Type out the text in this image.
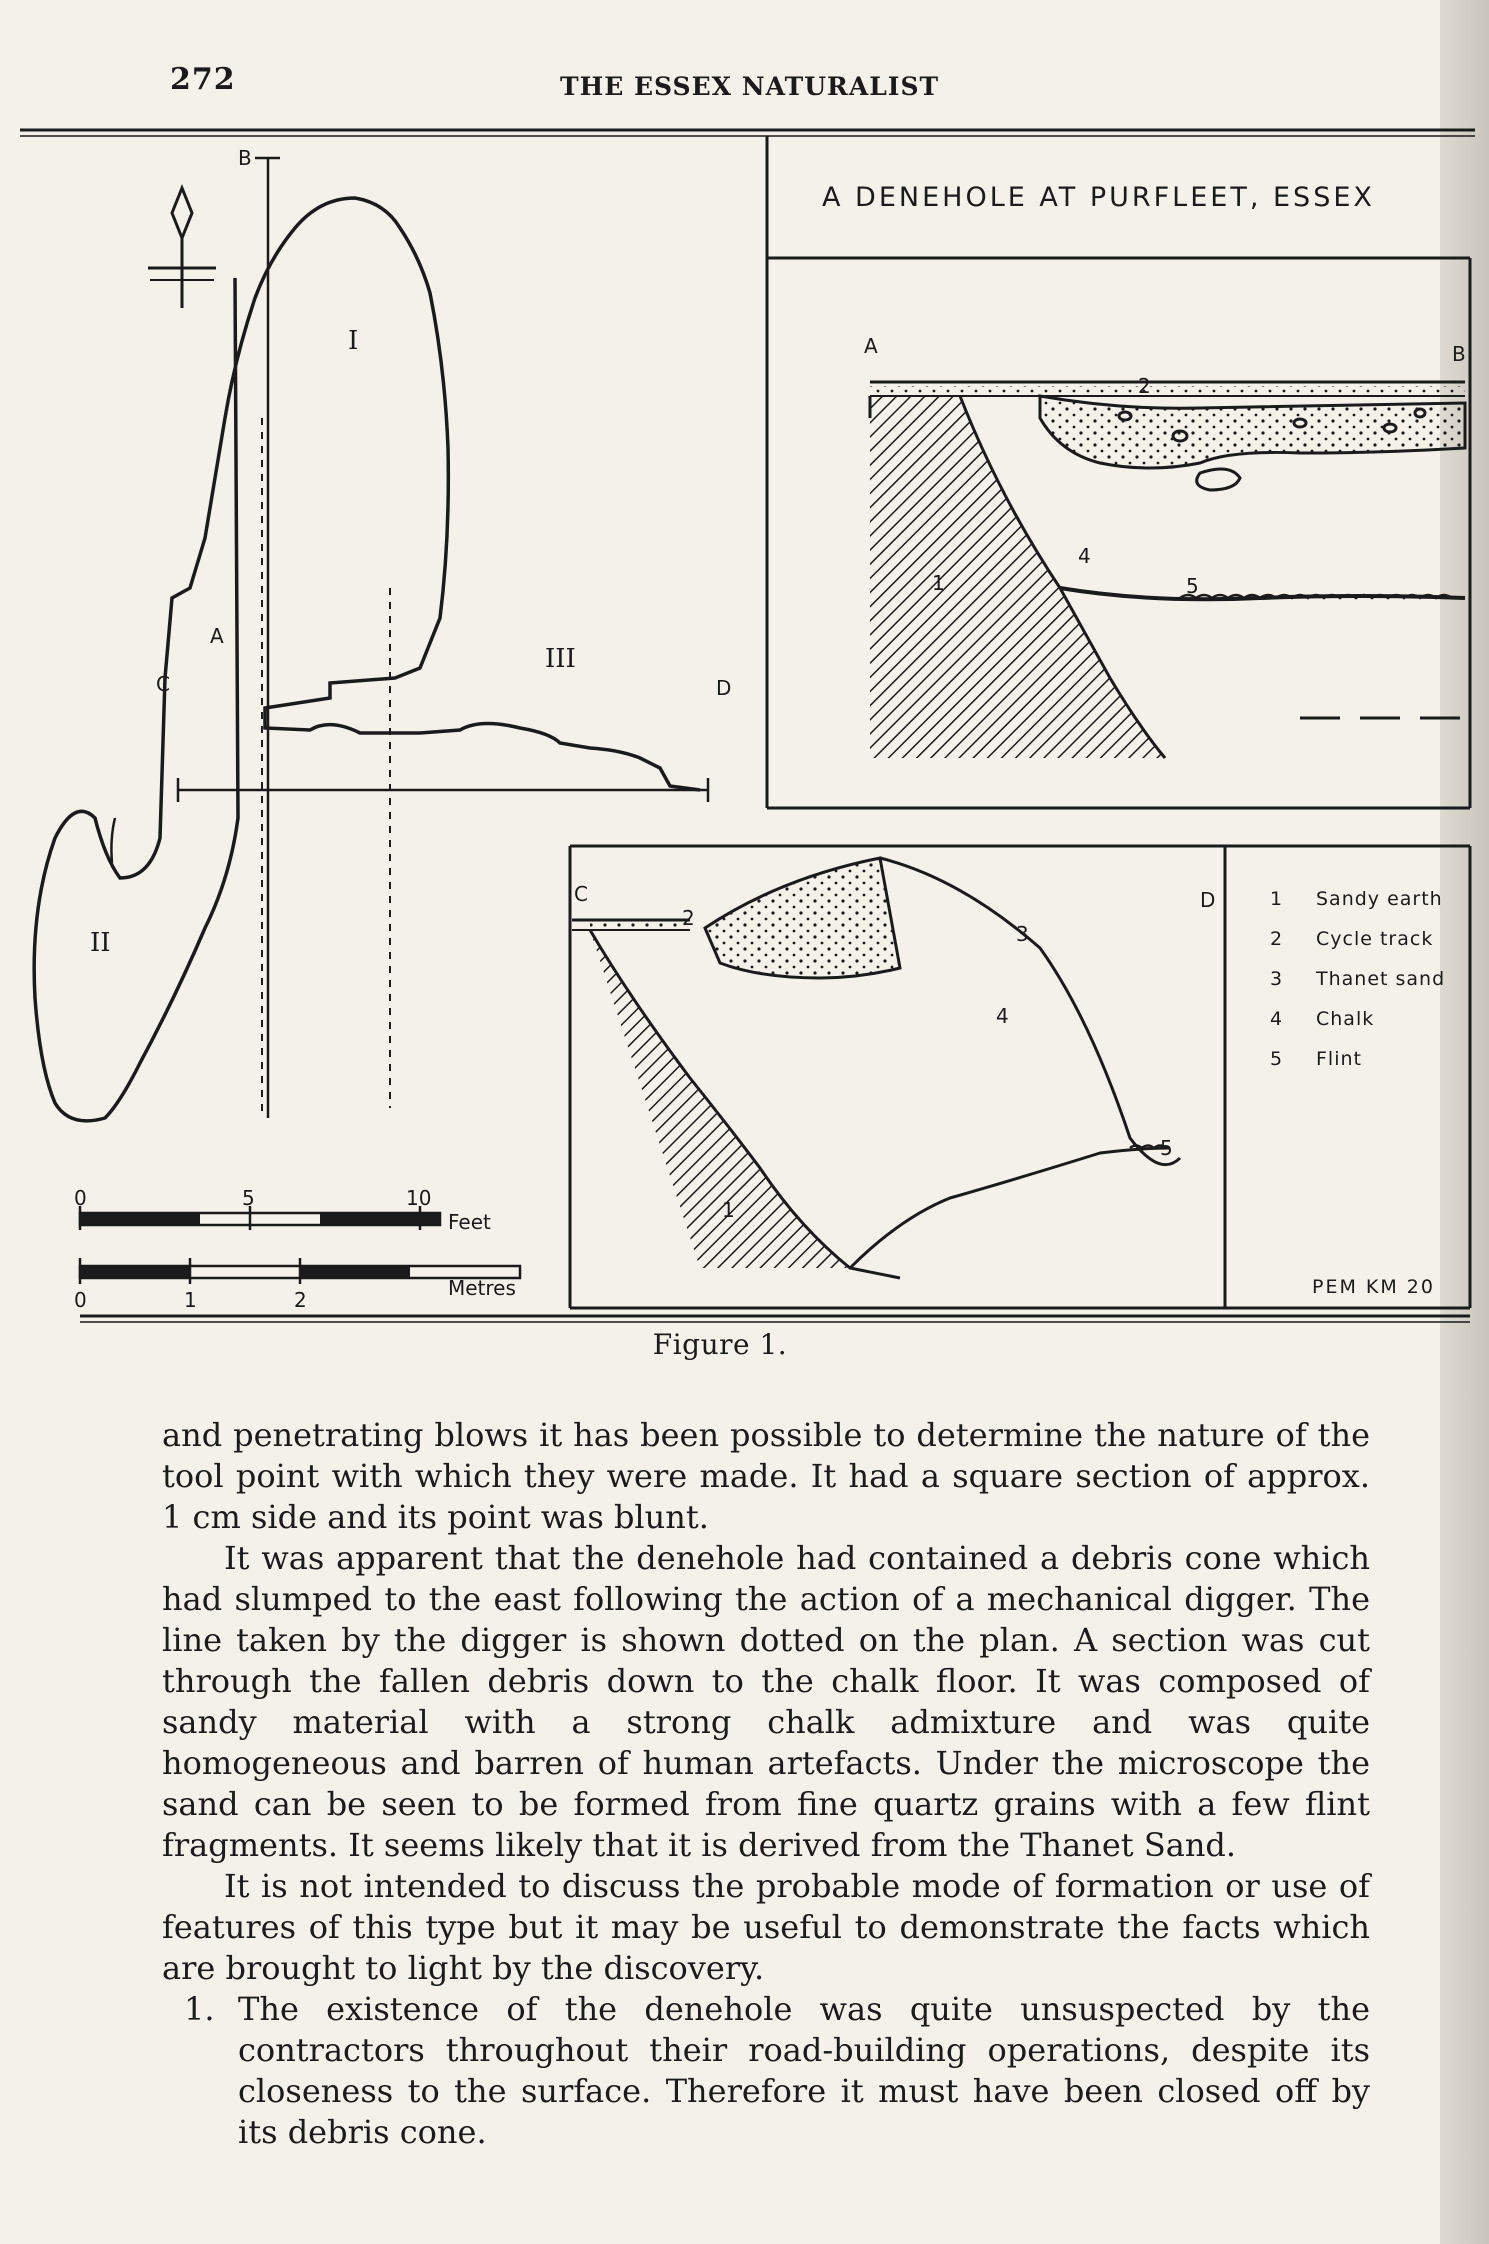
272	THE ESSEX NATURALIST
A DENEHOLE AT PURFLEET, ESSEX
I
II
III
B
A
C	D
A	B
1
2
4
5
C	D
1
2
3
4
5
0	5	10
Feet
0	1	2	Metres
1 Sandy earth
2 Cycle track
3 Thanet sand
4 Chalk
5 Flint
PEM KM 20
Figure 1.

and penetrating blows it has been possible to determine the nature of the tool point with which they were made. It had a square section of approx. 1 cm side and its point was blunt.

It was apparent that the denehole had contained a debris cone which had slumped to the east following the action of a mechanical digger. The line taken by the digger is shown dotted on the plan. A section was cut through the fallen debris down to the chalk floor. It was composed of sandy material with a strong chalk admixture and was quite homogeneous and barren of human artefacts. Under the microscope the sand can be seen to be formed from fine quartz grains with a few flint fragments. It seems likely that it is derived from the Thanet Sand.

It is not intended to discuss the probable mode of formation or use of features of this type but it may be useful to demonstrate the facts which are brought to light by the discovery.

1. The existence of the denehole was quite unsuspected by the contractors throughout their road-building operations, despite its closeness to the surface. Therefore it must have been closed off by its debris cone.
